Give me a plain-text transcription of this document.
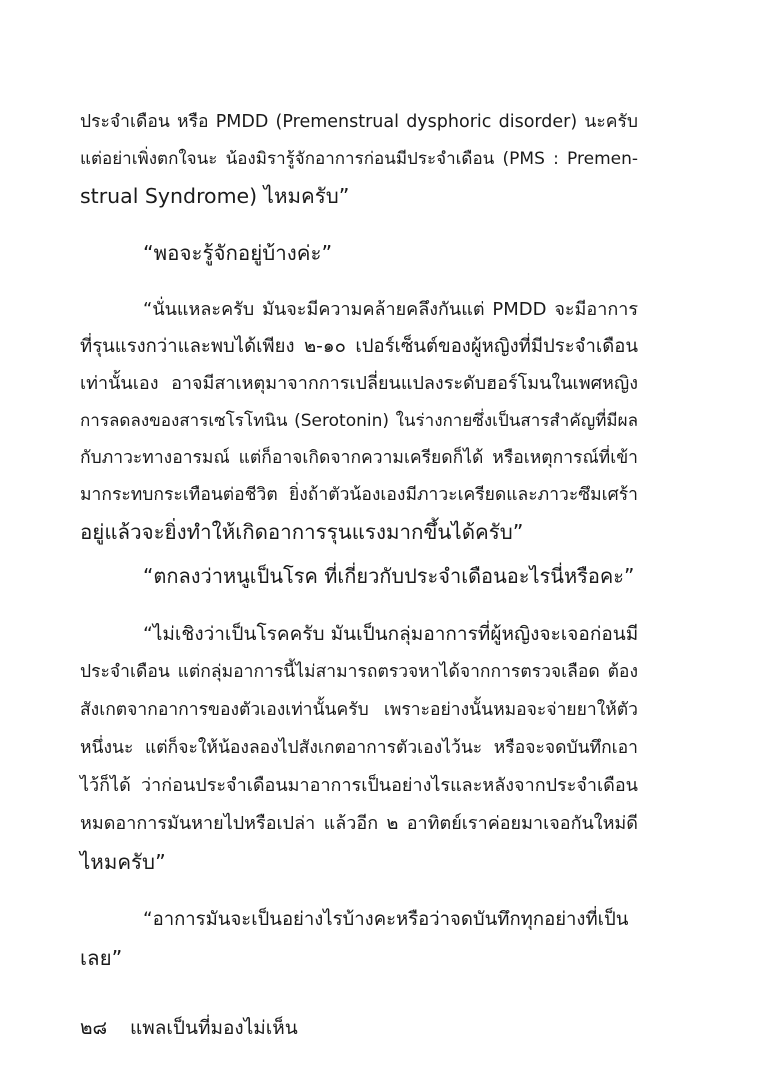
ประจำเดือน หรือ PMDD (Premenstrual dysphoric disorder) นะครับ
แต่อย่าเพิ่งตกใจนะ น้องมิรารู้จักอาการก่อนมีประจำเดือน (PMS : Premen-
strual Syndrome) ไหมครับ”
“พอจะรู้จักอยู่บ้างค่ะ”
“นั่นแหละครับ มันจะมีความคล้ายคลึงกันแต่ PMDD จะมีอาการ
ที่รุนแรงกว่าและพบได้เพียง ๒-๑๐ เปอร์เซ็นต์ของผู้หญิงที่มีประจำเดือน
เท่านั้นเอง อาจมีสาเหตุมาจากการเปลี่ยนแปลงระดับฮอร์โมนในเพศหญิง
การลดลงของสารเซโรโทนิน (Serotonin) ในร่างกายซึ่งเป็นสารสำคัญที่มีผล
กับภาวะทางอารมณ์ แต่ก็อาจเกิดจากความเครียดก็ได้ หรือเหตุการณ์ที่เข้า
มากระทบกระเทือนต่อชีวิต ยิ่งถ้าตัวน้องเองมีภาวะเครียดและภาวะซึมเศร้า
อยู่แล้วจะยิ่งทำให้เกิดอาการรุนแรงมากขึ้นได้ครับ”
“ตกลงว่าหนูเป็นโรค ที่เกี่ยวกับประจำเดือนอะไรนี่หรือคะ”
“ไม่เชิงว่าเป็นโรคครับ มันเป็นกลุ่มอาการที่ผู้หญิงจะเจอก่อนมี
ประจำเดือน แต่กลุ่มอาการนี้ไม่สามารถตรวจหาได้จากการตรวจเลือด ต้อง
สังเกตจากอาการของตัวเองเท่านั้นครับ เพราะอย่างนั้นหมอจะจ่ายยาให้ตัว
หนึ่งนะ แต่ก็จะให้น้องลองไปสังเกตอาการตัวเองไว้นะ หรือจะจดบันทึกเอา
ไว้ก็ได้ ว่าก่อนประจำเดือนมาอาการเป็นอย่างไรและหลังจากประจำเดือน
หมดอาการมันหายไปหรือเปล่า แล้วอีก ๒ อาทิตย์เราค่อยมาเจอกันใหม่ดี
ไหมครับ”
“อาการมันจะเป็นอย่างไรบ้างคะหรือว่าจดบันทึกทุกอย่างที่เป็น
เลย”
๒๘ แพลเป็นที่มองไม่เห็น
